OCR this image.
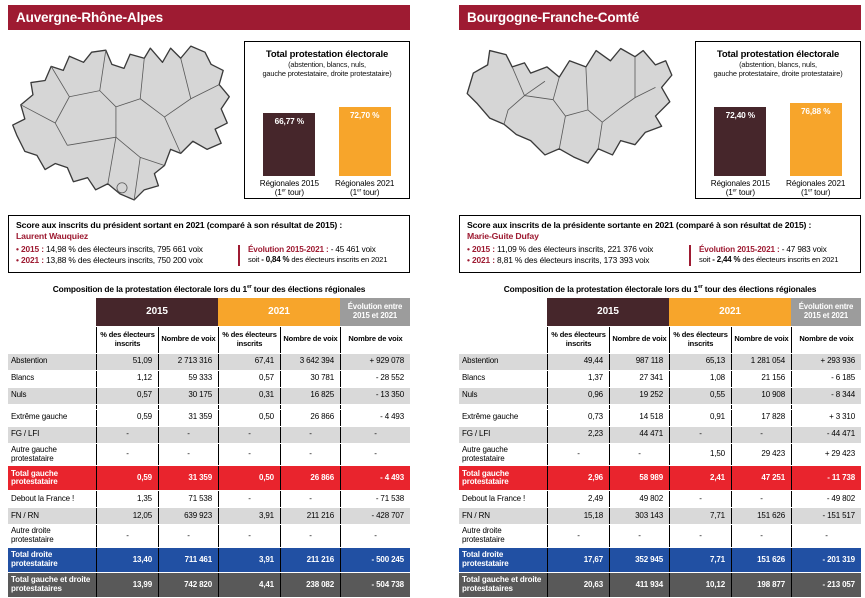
Auvergne-Rhône-Alpes
Total protestation électorale
(abstention, blancs, nuls,
gauche protestataire, droite protestataire)
66,77 %
Régionales 2015
(1er tour)
72,70 %
Régionales 2021
(1er tour)
Score aux inscrits du président sortant en 2021 (comparé à son résultat de 2015) :
Laurent Wauquiez
• 2015 : 14,98 % des électeurs inscrits, 795 661 voix
• 2021 : 13,88 % des électeurs inscrits, 750 200 voix
Évolution 2015-2021 : - 45 461 voix
soit - 0,84 % des électeurs inscrits en 2021
Composition de la protestation électorale lors du 1er tour des élections régionales
	2015		2021		Évolution entre 2015 et 2021
	% des électeurs inscrits	Nombre de voix	% des électeurs inscrits	Nombre de voix	Nombre de voix
Abstention	51,09	2 713 316	67,41	3 642 394	+ 929 078
Blancs	1,12	59 333	0,57	30 781	- 28 552
Nuls	0,57	30 175	0,31	16 825	- 13 350

Extrême gauche	0,59	31 359	0,50	26 866	- 4 493
FG / LFI	-	-	-	-	-
Autre gauche protestataire	-	-	-	-	-
Total gauche protestataire	0,59	31 359	0,50	26 866	- 4 493
Debout la France !	1,35	71 538	-	-	- 71 538
FN / RN	12,05	639 923	3,91	211 216	- 428 707
Autre droite protestataire	-	-	-	-	-
Total droite protestataire	13,40	711 461	3,91	211 216	- 500 245
Total gauche et droite protestataires	13,99	742 820	4,41	238 082	- 504 738
Bourgogne-Franche-Comté
Total protestation électorale
(abstention, blancs, nuls,
gauche protestataire, droite protestataire)
72,40 %
Régionales 2015
(1er tour)
76,88 %
Régionales 2021
(1er tour)
Score aux inscrits de la présidente sortante en 2021 (comparé à son résultat de 2015) :
Marie-Guite Dufay
• 2015 : 11,09 % des électeurs inscrits, 221 376 voix
• 2021 : 8,81 % des électeurs inscrits, 173 393 voix
Évolution 2015-2021 : - 47 983 voix
soit - 2,44 % des électeurs inscrits en 2021
Composition de la protestation électorale lors du 1er tour des élections régionales
	2015		2021		Évolution entre 2015 et 2021
	% des électeurs inscrits	Nombre de voix	% des électeurs inscrits	Nombre de voix	Nombre de voix
Abstention	49,44	987 118	65,13	1 281 054	+ 293 936
Blancs	1,37	27 341	1,08	21 156	- 6 185
Nuls	0,96	19 252	0,55	10 908	- 8 344

Extrême gauche	0,73	14 518	0,91	17 828	+ 3 310
FG / LFI	2,23	44 471	-	-	- 44 471
Autre gauche protestataire	-	-	1,50	29 423	+ 29 423
Total gauche protestataire	2,96	58 989	2,41	47 251	- 11 738
Debout la France !	2,49	49 802	-	-	- 49 802
FN / RN	15,18	303 143	7,71	151 626	- 151 517
Autre droite protestataire	-	-	-	-	-
Total droite protestataire	17,67	352 945	7,71	151 626	- 201 319
Total gauche et droite protestataires	20,63	411 934	10,12	198 877	- 213 057
